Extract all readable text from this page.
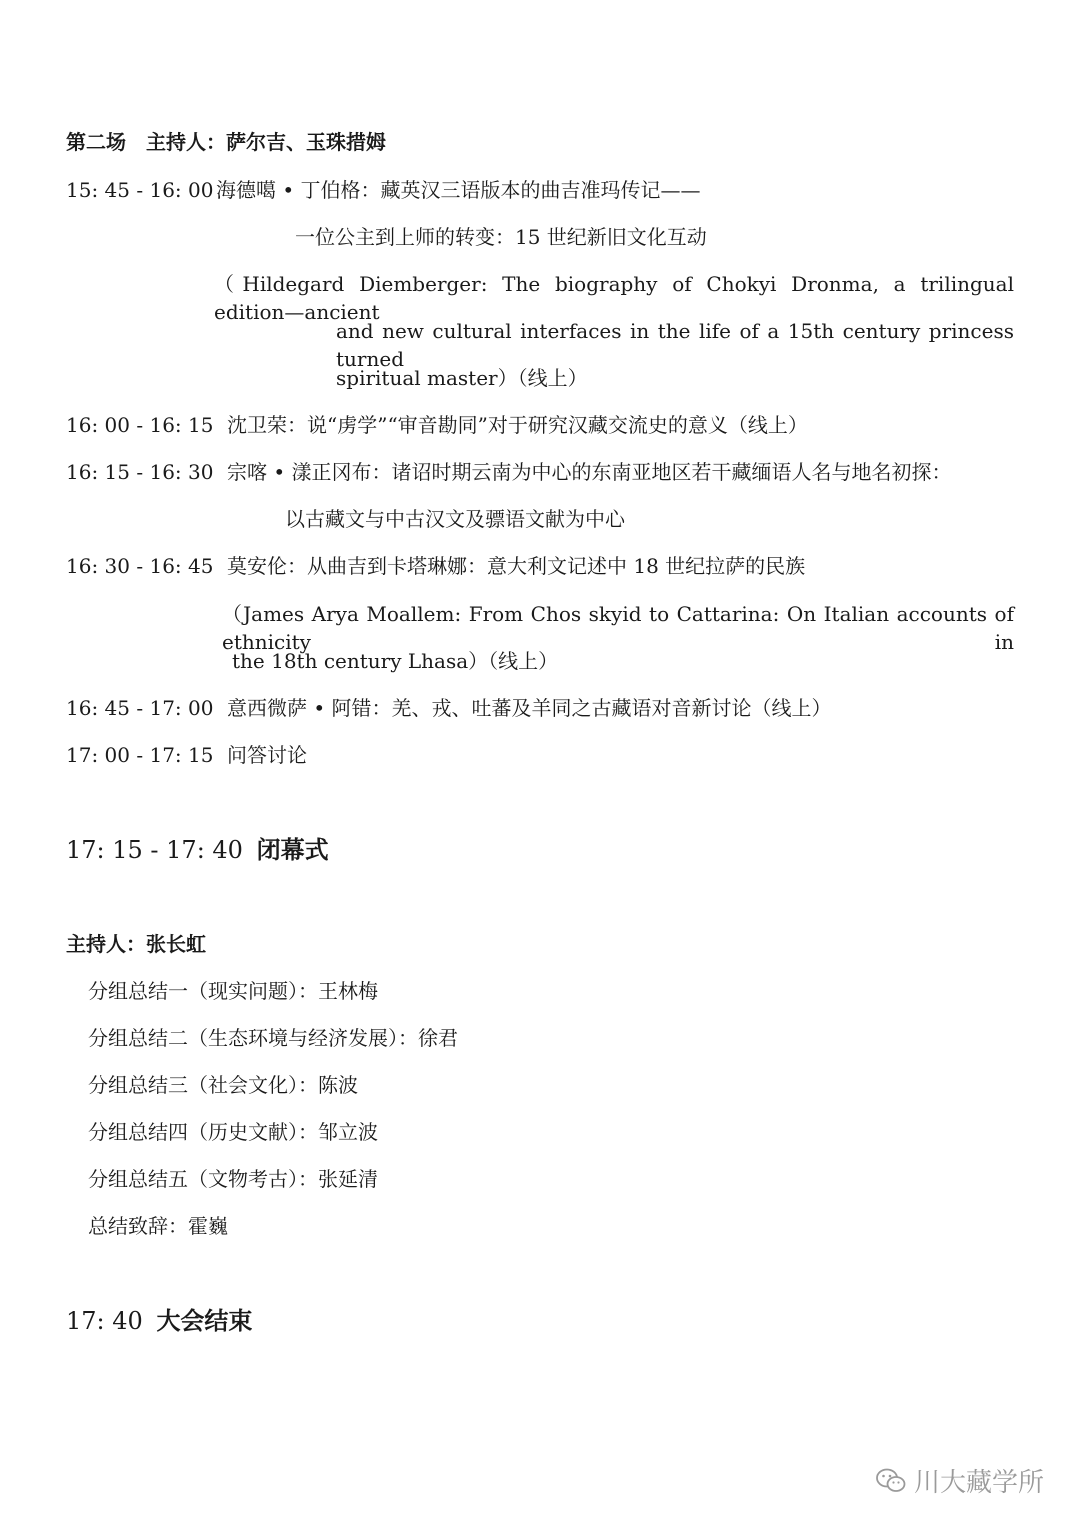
第二场　主持人：萨尔吉、玉珠措姆
15: 45 - 16: 00 海德噶 • 丁伯格：藏英汉三语版本的曲吉准玛传记——
一位公主到上师的转变：15 世纪新旧文化互动
（Hildegard Diemberger: The biography of Chokyi Dronma, a trilingual edition—ancient
and new cultural interfaces in the life of a 15th century princess turned
spiritual master）（线上）
16: 00 - 16: 15 沈卫荣：说“虏学”“审音勘同”对于研究汉藏交流史的意义（线上）
16: 15 - 16: 30 宗喀 • 漾正冈布：诸诏时期云南为中心的东南亚地区若干藏缅语人名与地名初探：
以古藏文与中古汉文及骠语文献为中心
16: 30 - 16: 45 莫安伦：从曲吉到卡塔琳娜：意大利文记述中 18 世纪拉萨的民族
（James Arya Moallem: From Chos skyid to Cattarina: On Italian accounts of ethnicity in
the 18th century Lhasa）（线上）
16: 45 - 17: 00 意西微萨 • 阿错：羌、戎、吐蕃及羊同之古藏语对音新讨论（线上）
17: 00 - 17: 15 问答讨论
17: 15 - 17: 40 闭幕式
主持人：张长虹
分组总结一（现实问题）：王林梅
分组总结二（生态环境与经济发展）：徐君
分组总结三（社会文化）：陈波
分组总结四（历史文献）：邹立波
分组总结五（文物考古）：张延清
总结致辞：霍巍
17: 40 大会结束
川大藏学所
